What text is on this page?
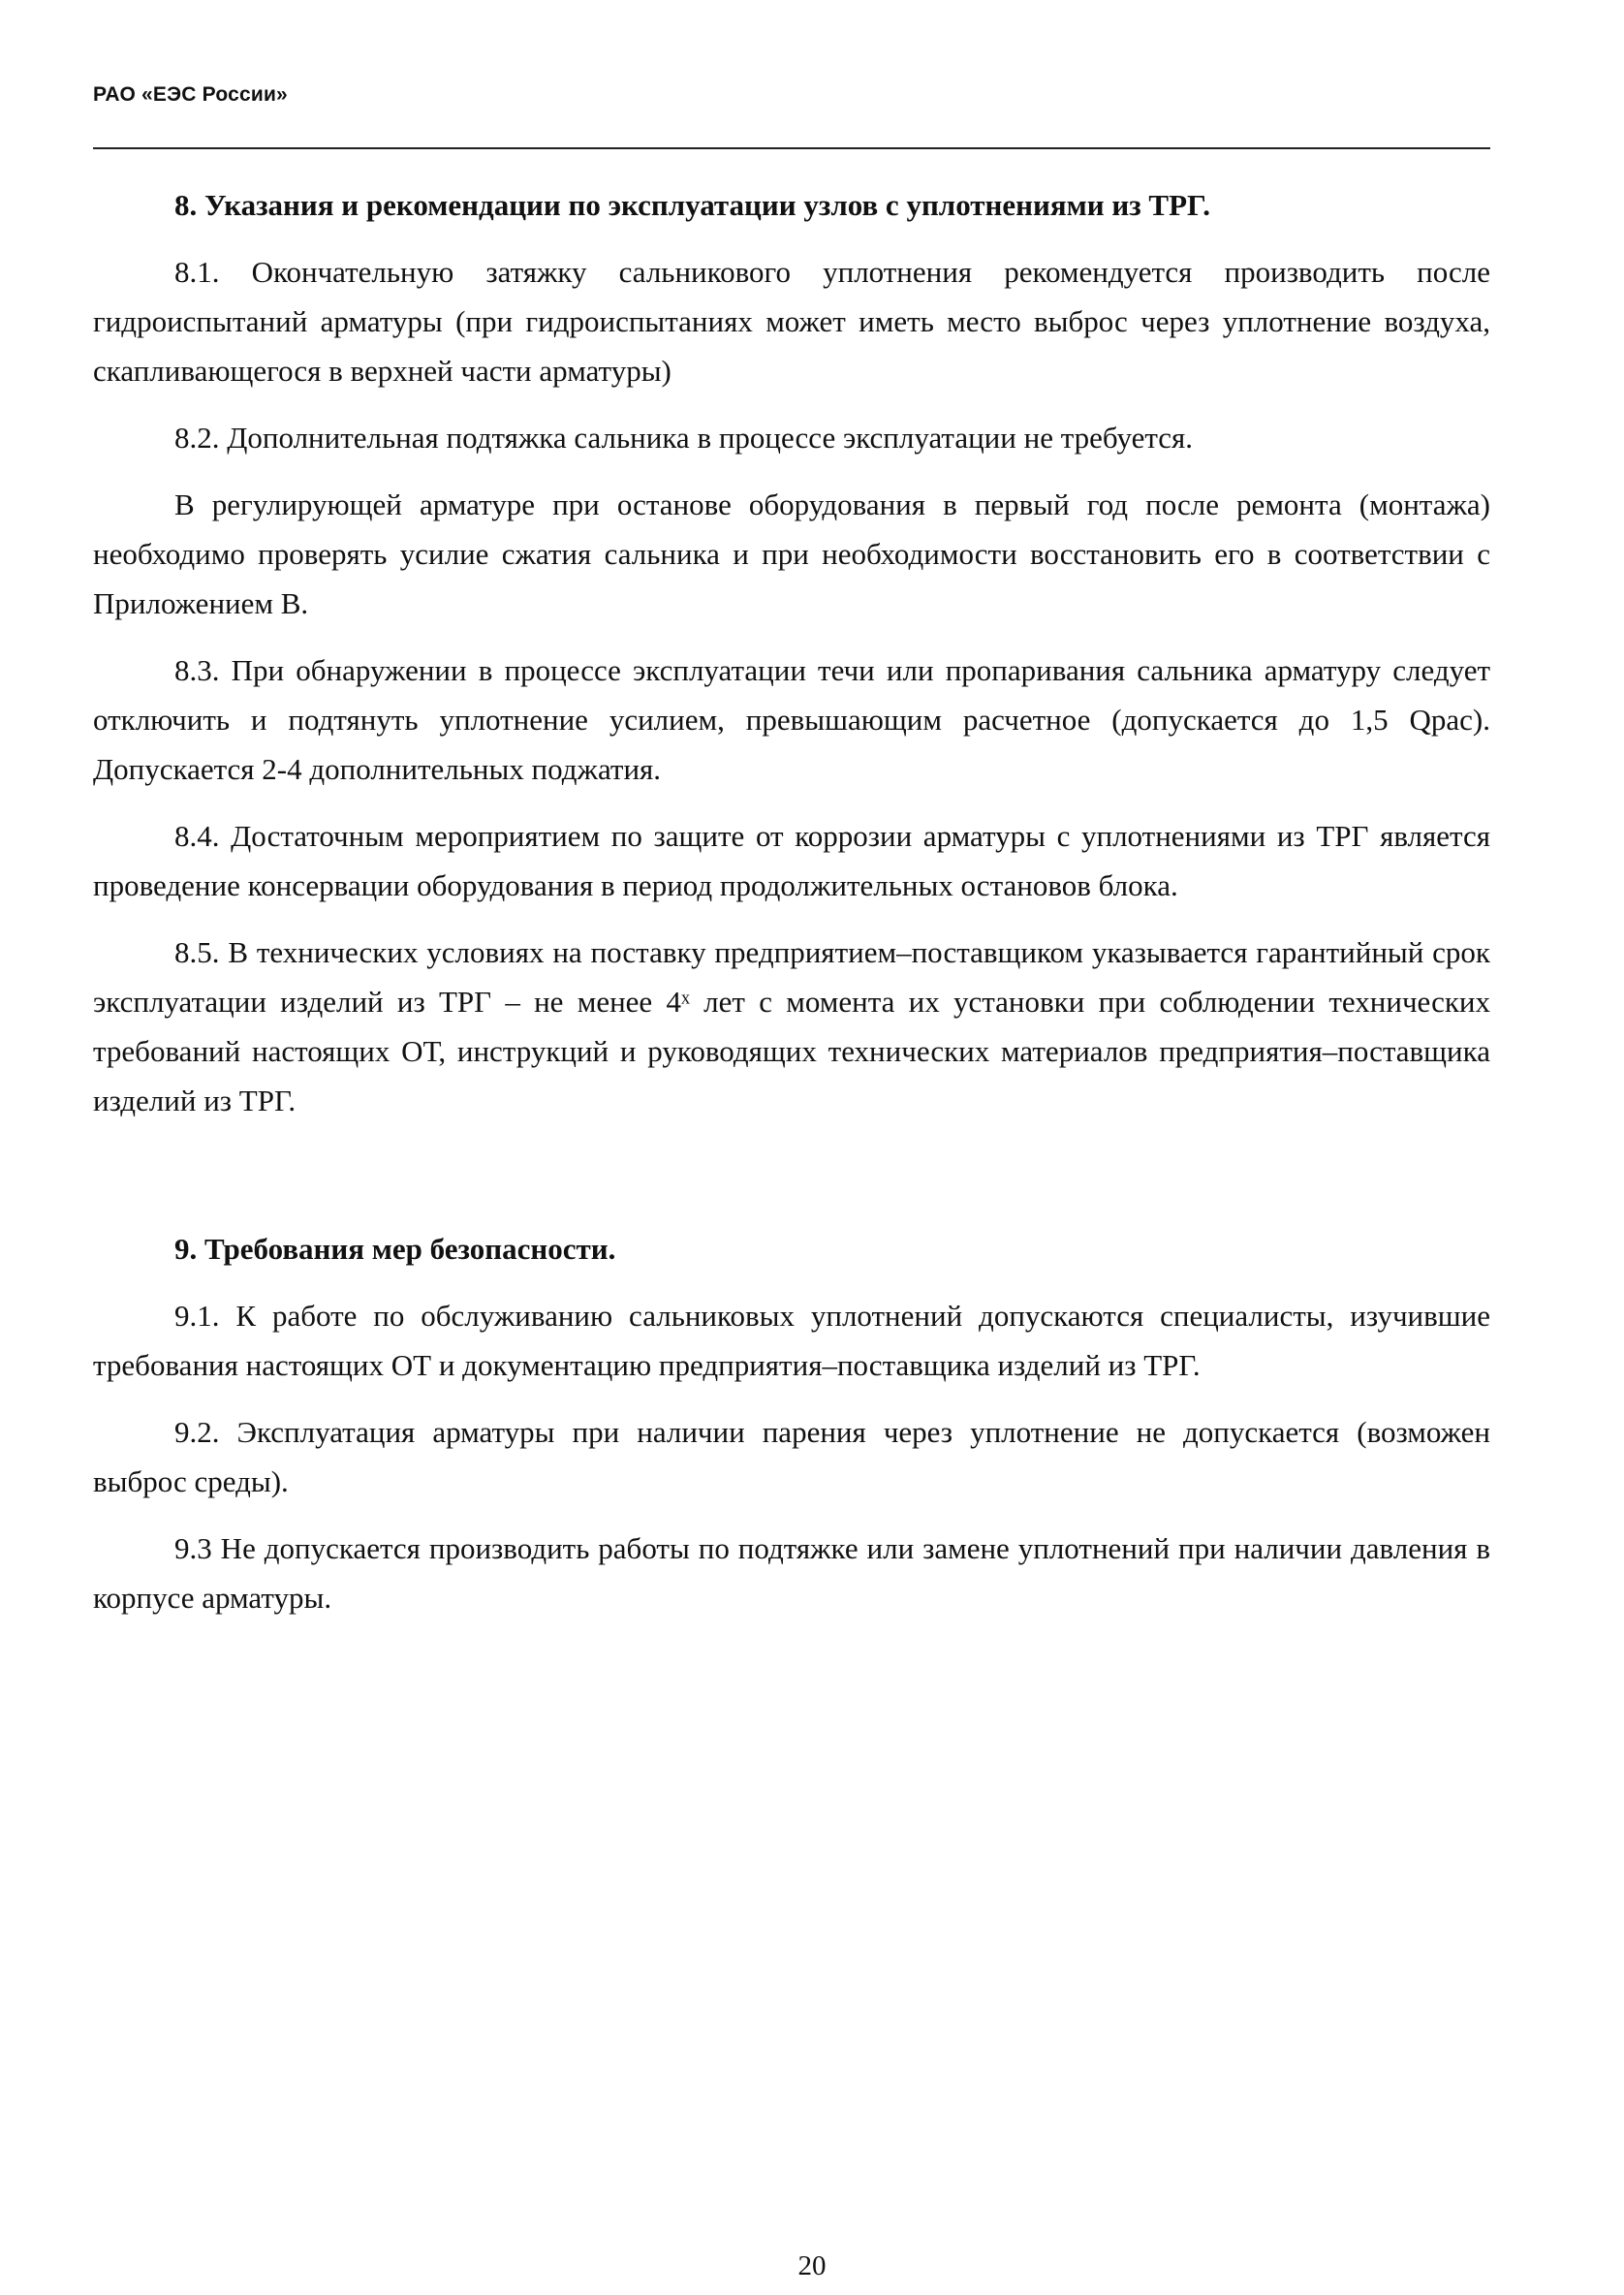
РАО «ЕЭС России»
8. Указания и рекомендации по эксплуатации узлов с уплотнениями из ТРГ.
8.1. Окончательную затяжку сальникового уплотнения рекомендуется производить после гидроиспытаний арматуры (при гидроиспытаниях может иметь место выброс через уплотнение воздуха, скапливающегося в верхней части арматуры)
8.2. Дополнительная подтяжка сальника в процессе эксплуатации не требуется.
В регулирующей арматуре при останове оборудования в первый год после ремонта (монтажа) необходимо проверять усилие сжатия сальника и при необходимости восстановить его в соответствии с Приложением В.
8.3. При обнаружении в процессе эксплуатации течи или пропаривания сальника арматуру следует отключить и подтянуть уплотнение усилием, превышающим расчетное (допускается до 1,5 Qрас). Допускается 2-4 дополнительных поджатия.
8.4. Достаточным мероприятием по защите от коррозии арматуры с уплотнениями из ТРГ является проведение консервации оборудования в период продолжительных остановов блока.
8.5. В технических условиях на поставку предприятием–поставщиком указывается гарантийный срок эксплуатации изделий из ТРГ – не менее 4ˣ лет с момента их установки при соблюдении технических требований настоящих ОТ, инструкций и руководящих технических материалов предприятия–поставщика изделий из ТРГ.
9. Требования мер безопасности.
9.1. К работе по обслуживанию сальниковых уплотнений допускаются специалисты, изучившие требования настоящих ОТ и документацию предприятия–поставщика изделий из ТРГ.
9.2. Эксплуатация арматуры при наличии парения через уплотнение не допускается (возможен выброс среды).
9.3 Не допускается производить работы по подтяжке или замене уплотнений при наличии давления в корпусе арматуры.
20
